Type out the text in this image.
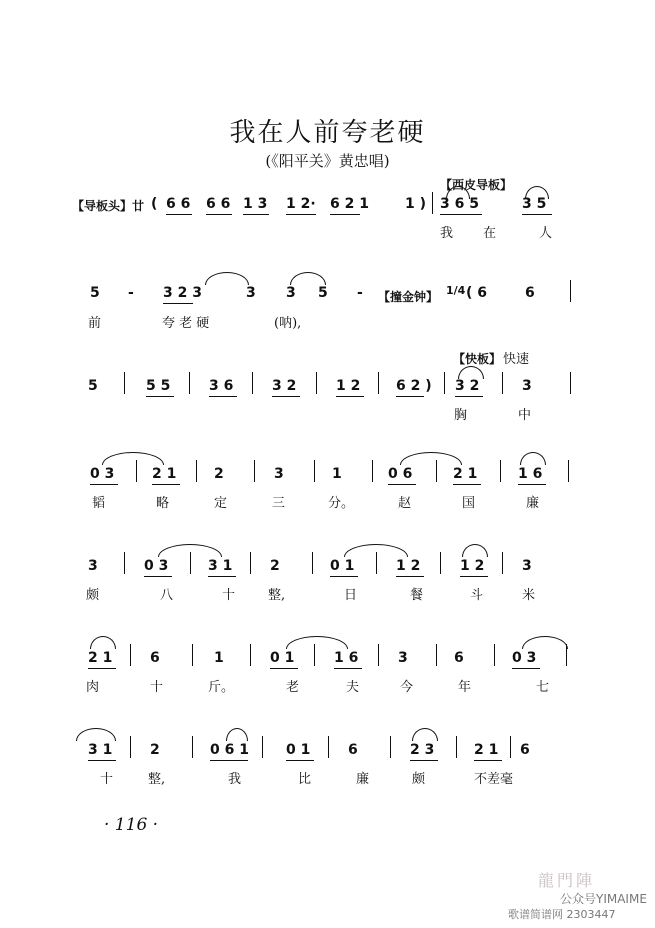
我在人前夸老硬
(《阳平关》黄忠唱)
【西皮导板】
【导板头】廿 ( 6 6 6 6 1 3 1 2· 6 2 1	1 ) 3 6 5	3 5
我 在	人
5 - 3 2 3	3 3 5 - 【撞金钟】 1/4 ( 6	6
前	夸 老 硬	(呐),
【快板】 快速
5	5 5	3 6	3 2	1 2	6 2 ) 3 2	3
胸	中
0 3	2 1	2	3	1	0 6	2 1	1 6
韬	略	定	三	分。	赵	国	廉
3	0 3	3 1	2	0 1	1 2	1 2	3
颇	八	十	整,	日	餐	斗	米
2 1	6	1	0 1	1 6	3	6	0 3
肉	十	斤。	老	夫	今	年	七
3 1	2	0 6 1	0 1	6	2 3	2 1 6
十	整,	我	比	廉	颇	不差毫
· 116 ·
龍門陣
公众号YIMAIME
歌谱简谱网 2303447
